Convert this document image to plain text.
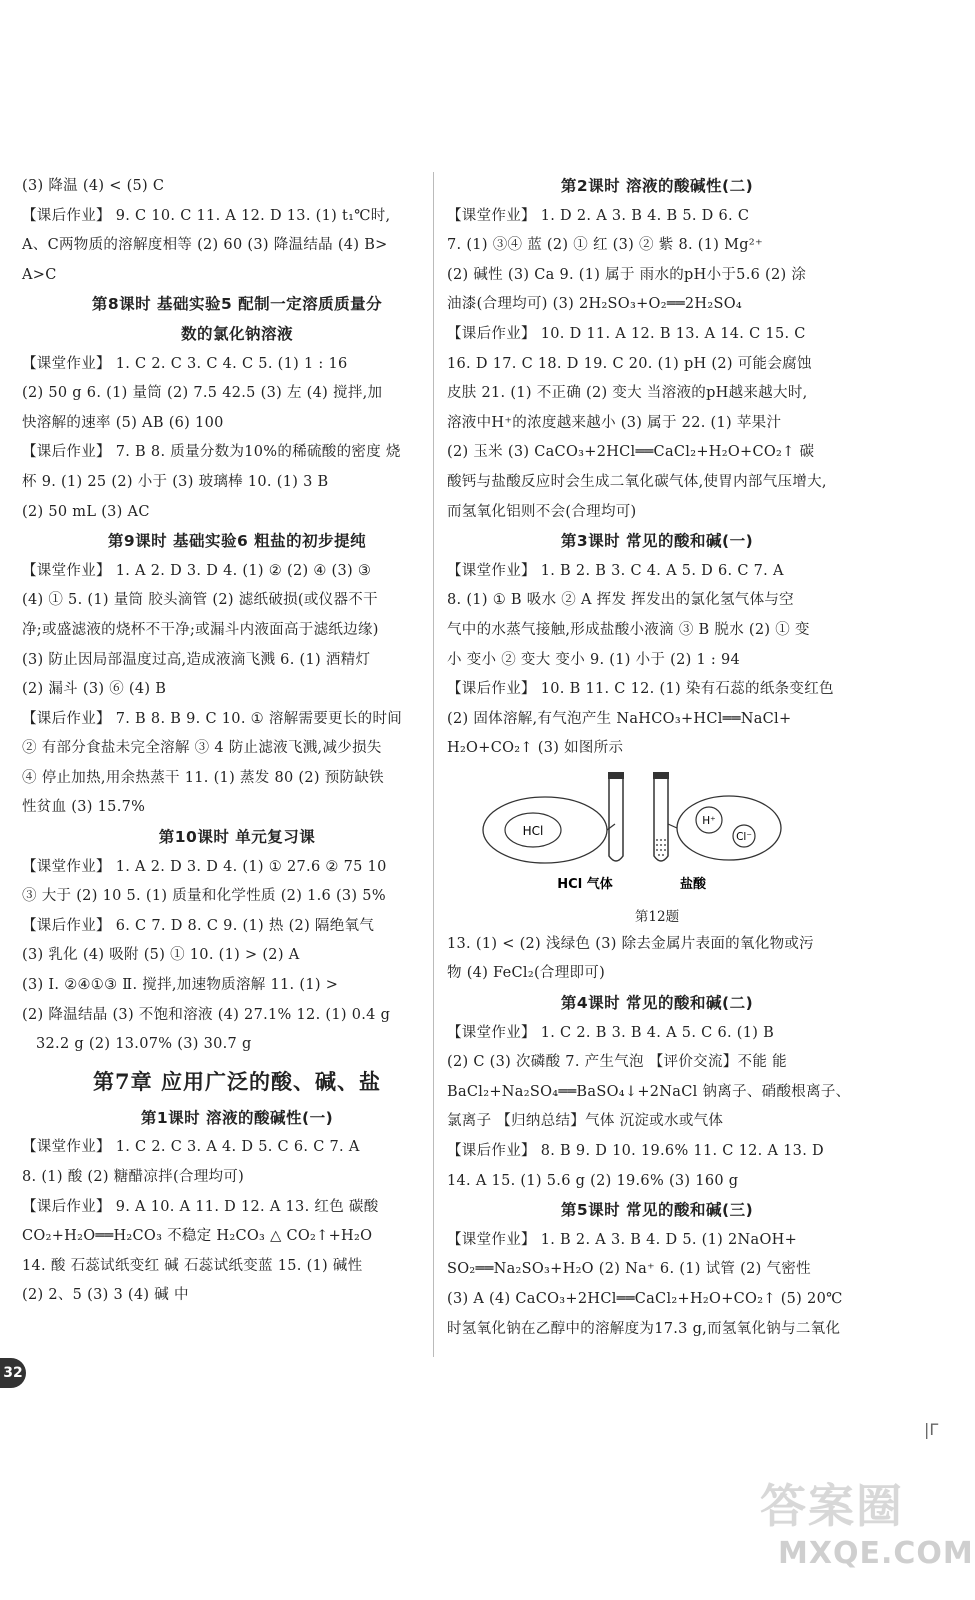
(3) 降温 (4) < (5) C
【课后作业】 9. C 10. C 11. A 12. D 13. (1) t₁℃时,
A、C两物质的溶解度相等 (2) 60 (3) 降温结晶 (4) B>
A>C
第8课时 基础实验5 配制一定溶质质量分
数的氯化钠溶液
【课堂作业】 1. C 2. C 3. C 4. C 5. (1) 1 : 16
(2) 50 g 6. (1) 量筒 (2) 7.5 42.5 (3) 左 (4) 搅拌,加
快溶解的速率 (5) AB (6) 100
【课后作业】 7. B 8. 质量分数为10%的稀硫酸的密度 烧
杯 9. (1) 25 (2) 小于 (3) 玻璃棒 10. (1) 3 B
(2) 50 mL (3) AC
第9课时 基础实验6 粗盐的初步提纯
【课堂作业】 1. A 2. D 3. D 4. (1) ② (2) ④ (3) ③
(4) ① 5. (1) 量筒 胶头滴管 (2) 滤纸破损(或仪器不干
净;或盛滤液的烧杯不干净;或漏斗内液面高于滤纸边缘)
(3) 防止因局部温度过高,造成液滴飞溅 6. (1) 酒精灯
(2) 漏斗 (3) ⑥ (4) B
【课后作业】 7. B 8. B 9. C 10. ① 溶解需要更长的时间
② 有部分食盐未完全溶解 ③ 4 防止滤液飞溅,减少损失
④ 停止加热,用余热蒸干 11. (1) 蒸发 80 (2) 预防缺铁
性贫血 (3) 15.7%
第10课时 单元复习课
【课堂作业】 1. A 2. D 3. D 4. (1) ① 27.6 ② 75 10
③ 大于 (2) 10 5. (1) 质量和化学性质 (2) 1.6 (3) 5%
【课后作业】 6. C 7. D 8. C 9. (1) 热 (2) 隔绝氧气
(3) 乳化 (4) 吸附 (5) ① 10. (1) > (2) A
(3) Ⅰ. ②④①③ Ⅱ. 搅拌,加速物质溶解 11. (1) >
(2) 降温结晶 (3) 不饱和溶液 (4) 27.1% 12. (1) 0.4 g
32.2 g (2) 13.07% (3) 30.7 g
第7章 应用广泛的酸、碱、盐
第1课时 溶液的酸碱性(一)
【课堂作业】 1. C 2. C 3. A 4. D 5. C 6. C 7. A
8. (1) 酸 (2) 糖醋凉拌(合理均可)
【课后作业】 9. A 10. A 11. D 12. A 13. 红色 碳酸
CO₂+H₂O══H₂CO₃ 不稳定 H₂CO₃ △ CO₂↑+H₂O
14. 酸 石蕊试纸变红 碱 石蕊试纸变蓝 15. (1) 碱性
(2) 2、5 (3) 3 (4) 碱 中
第2课时 溶液的酸碱性(二)
【课堂作业】 1. D 2. A 3. B 4. B 5. D 6. C
7. (1) ③④ 蓝 (2) ① 红 (3) ② 紫 8. (1) Mg²⁺
(2) 碱性 (3) Ca 9. (1) 属于 雨水的pH小于5.6 (2) 涂
油漆(合理均可) (3) 2H₂SO₃+O₂══2H₂SO₄
【课后作业】 10. D 11. A 12. B 13. A 14. C 15. C
16. D 17. C 18. D 19. C 20. (1) pH (2) 可能会腐蚀
皮肤 21. (1) 不正确 (2) 变大 当溶液的pH越来越大时,
溶液中H⁺的浓度越来越小 (3) 属于 22. (1) 苹果汁
(2) 玉米 (3) CaCO₃+2HCl══CaCl₂+H₂O+CO₂↑ 碳
酸钙与盐酸反应时会生成二氧化碳气体,使胃内部气压增大,
而氢氧化铝则不会(合理均可)
第3课时 常见的酸和碱(一)
【课堂作业】 1. B 2. B 3. C 4. A 5. D 6. C 7. A
8. (1) ① B 吸水 ② A 挥发 挥发出的氯化氢气体与空
气中的水蒸气接触,形成盐酸小液滴 ③ B 脱水 (2) ① 变
小 变小 ② 变大 变小 9. (1) 小于 (2) 1 : 94
【课后作业】 10. B 11. C 12. (1) 染有石蕊的纸条变红色
(2) 固体溶解,有气泡产生 NaHCO₃+HCl══NaCl+
H₂O+CO₂↑ (3) 如图所示
HCl
H⁺
Cl⁻
HCl 气体	盐酸
第12题
13. (1) < (2) 浅绿色 (3) 除去金属片表面的氧化物或污
物 (4) FeCl₂(合理即可)
第4课时 常见的酸和碱(二)
【课堂作业】 1. C 2. B 3. B 4. A 5. C 6. (1) B
(2) C (3) 次磷酸 7. 产生气泡 【评价交流】不能 能
BaCl₂+Na₂SO₄══BaSO₄↓+2NaCl 钠离子、硝酸根离子、
氯离子 【归纳总结】气体 沉淀或水或气体
【课后作业】 8. B 9. D 10. 19.6% 11. C 12. A 13. D
14. A 15. (1) 5.6 g (2) 19.6% (3) 160 g
第5课时 常见的酸和碱(三)
【课堂作业】 1. B 2. A 3. B 4. D 5. (1) 2NaOH+
SO₂══Na₂SO₃+H₂O (2) Na⁺ 6. (1) 试管 (2) 气密性
(3) A (4) CaCO₃+2HCl══CaCl₂+H₂O+CO₂↑ (5) 20℃
时氢氧化钠在乙醇中的溶解度为17.3 g,而氢氧化钠与二氧化
32
|Γ
答案圈
MXQE.COM
